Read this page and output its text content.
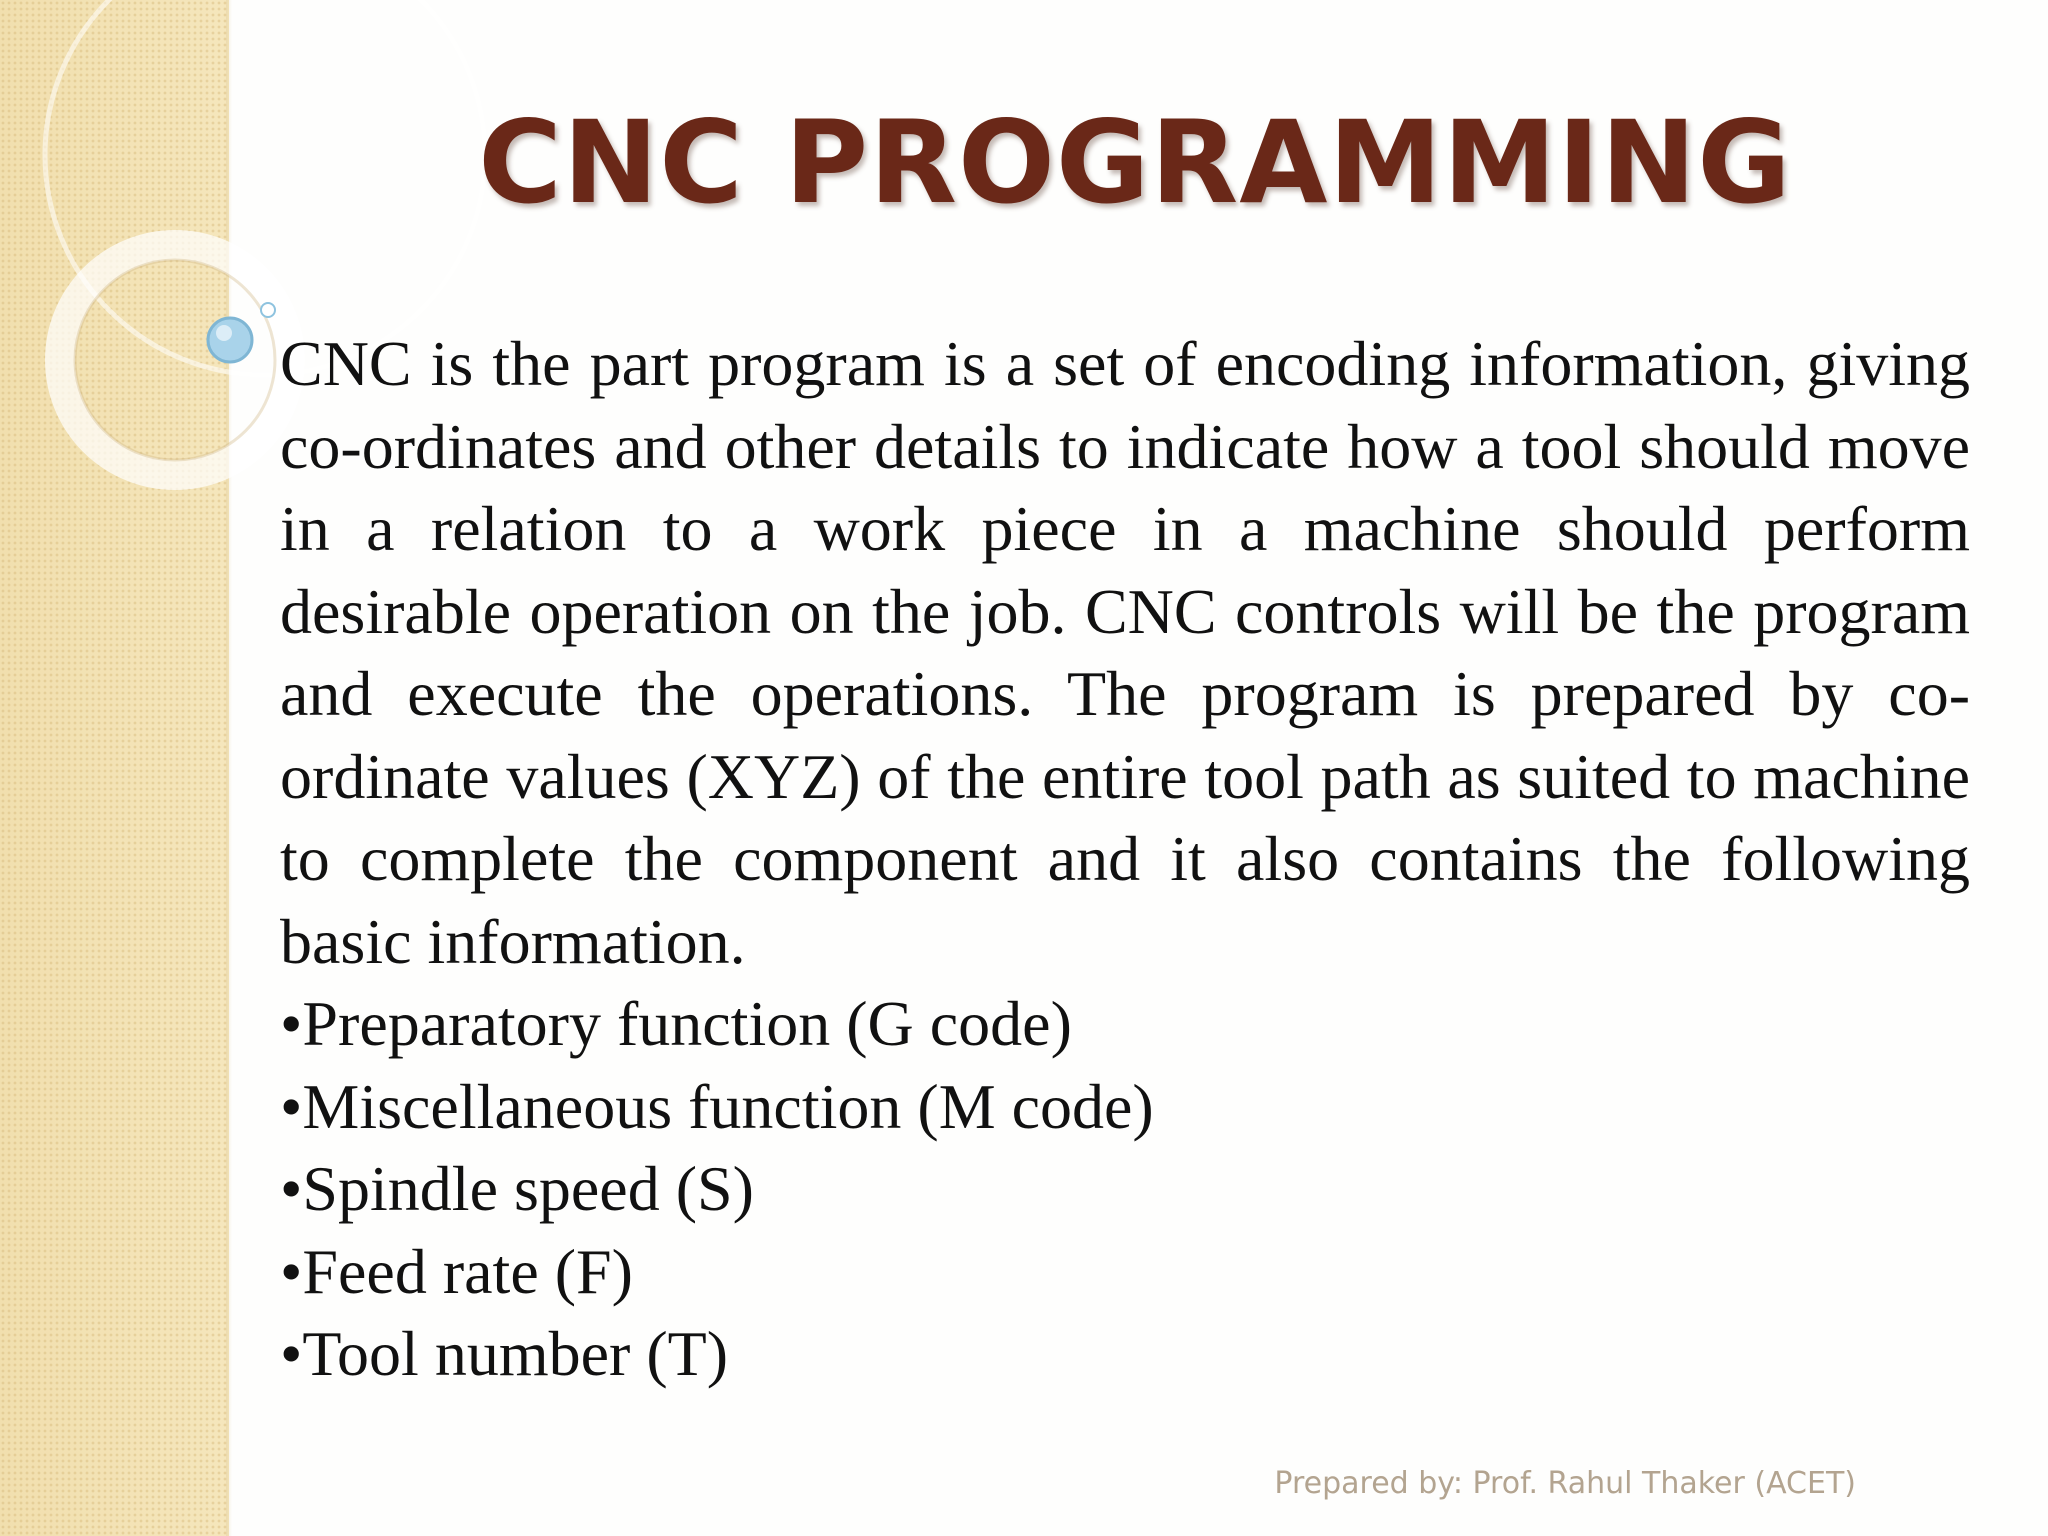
CNC PROGRAMMING

CNC is the part program is a set of encoding information, giving co-ordinates and other details to indicate how a tool should move in a relation to a work piece in a machine should perform desirable operation on the job. CNC controls will be the program and execute the operations. The program is prepared by co-ordinate values (XYZ) of the entire tool path as suited to machine to complete the component and it also contains the following basic information.

•Preparatory function (G code)
•Miscellaneous function (M code)
•Spindle speed (S)
•Feed rate (F)
•Tool number (T)
Prepared by: Prof. Rahul Thaker (ACET)
